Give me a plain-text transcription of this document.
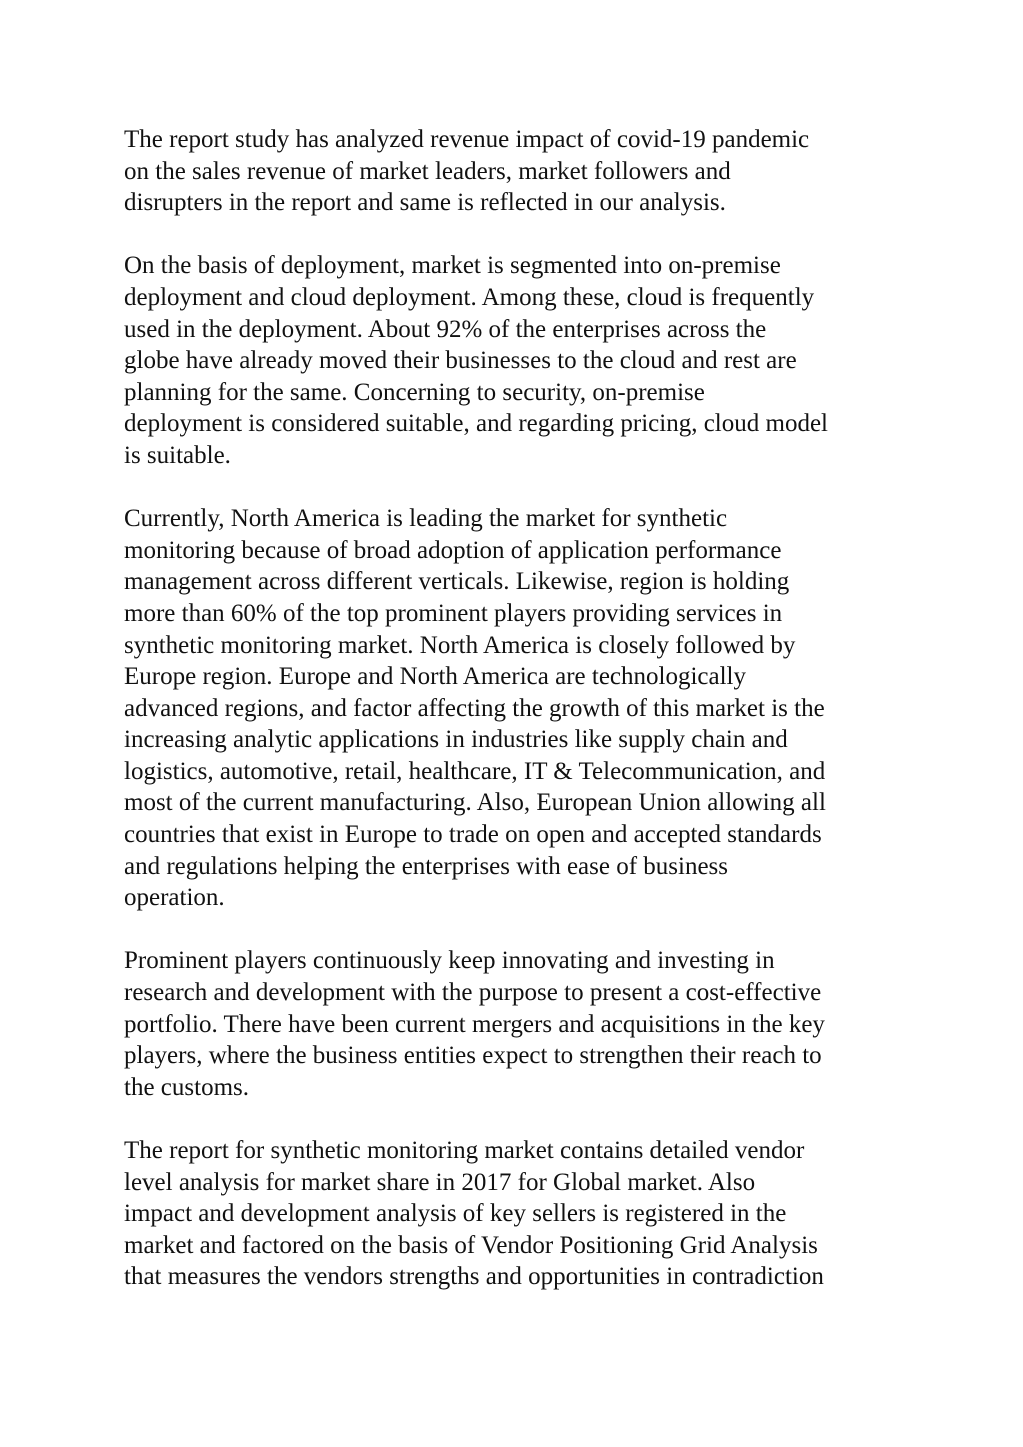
The report study has analyzed revenue impact of covid-19 pandemic
on the sales revenue of market leaders, market followers and
disrupters in the report and same is reflected in our analysis.

On the basis of deployment, market is segmented into on-premise
deployment and cloud deployment. Among these, cloud is frequently
used in the deployment. About 92% of the enterprises across the
globe have already moved their businesses to the cloud and rest are
planning for the same. Concerning to security, on-premise
deployment is considered suitable, and regarding pricing, cloud model
is suitable.

Currently, North America is leading the market for synthetic
monitoring because of broad adoption of application performance
management across different verticals. Likewise, region is holding
more than 60% of the top prominent players providing services in
synthetic monitoring market. North America is closely followed by
Europe region. Europe and North America are technologically
advanced regions, and factor affecting the growth of this market is the
increasing analytic applications in industries like supply chain and
logistics, automotive, retail, healthcare, IT & Telecommunication, and
most of the current manufacturing. Also, European Union allowing all
countries that exist in Europe to trade on open and accepted standards
and regulations helping the enterprises with ease of business
operation.

Prominent players continuously keep innovating and investing in
research and development with the purpose to present a cost-effective
portfolio. There have been current mergers and acquisitions in the key
players, where the business entities expect to strengthen their reach to
the customs.

The report for synthetic monitoring market contains detailed vendor
level analysis for market share in 2017 for Global market. Also
impact and development analysis of key sellers is registered in the
market and factored on the basis of Vendor Positioning Grid Analysis
that measures the vendors strengths and opportunities in contradiction
